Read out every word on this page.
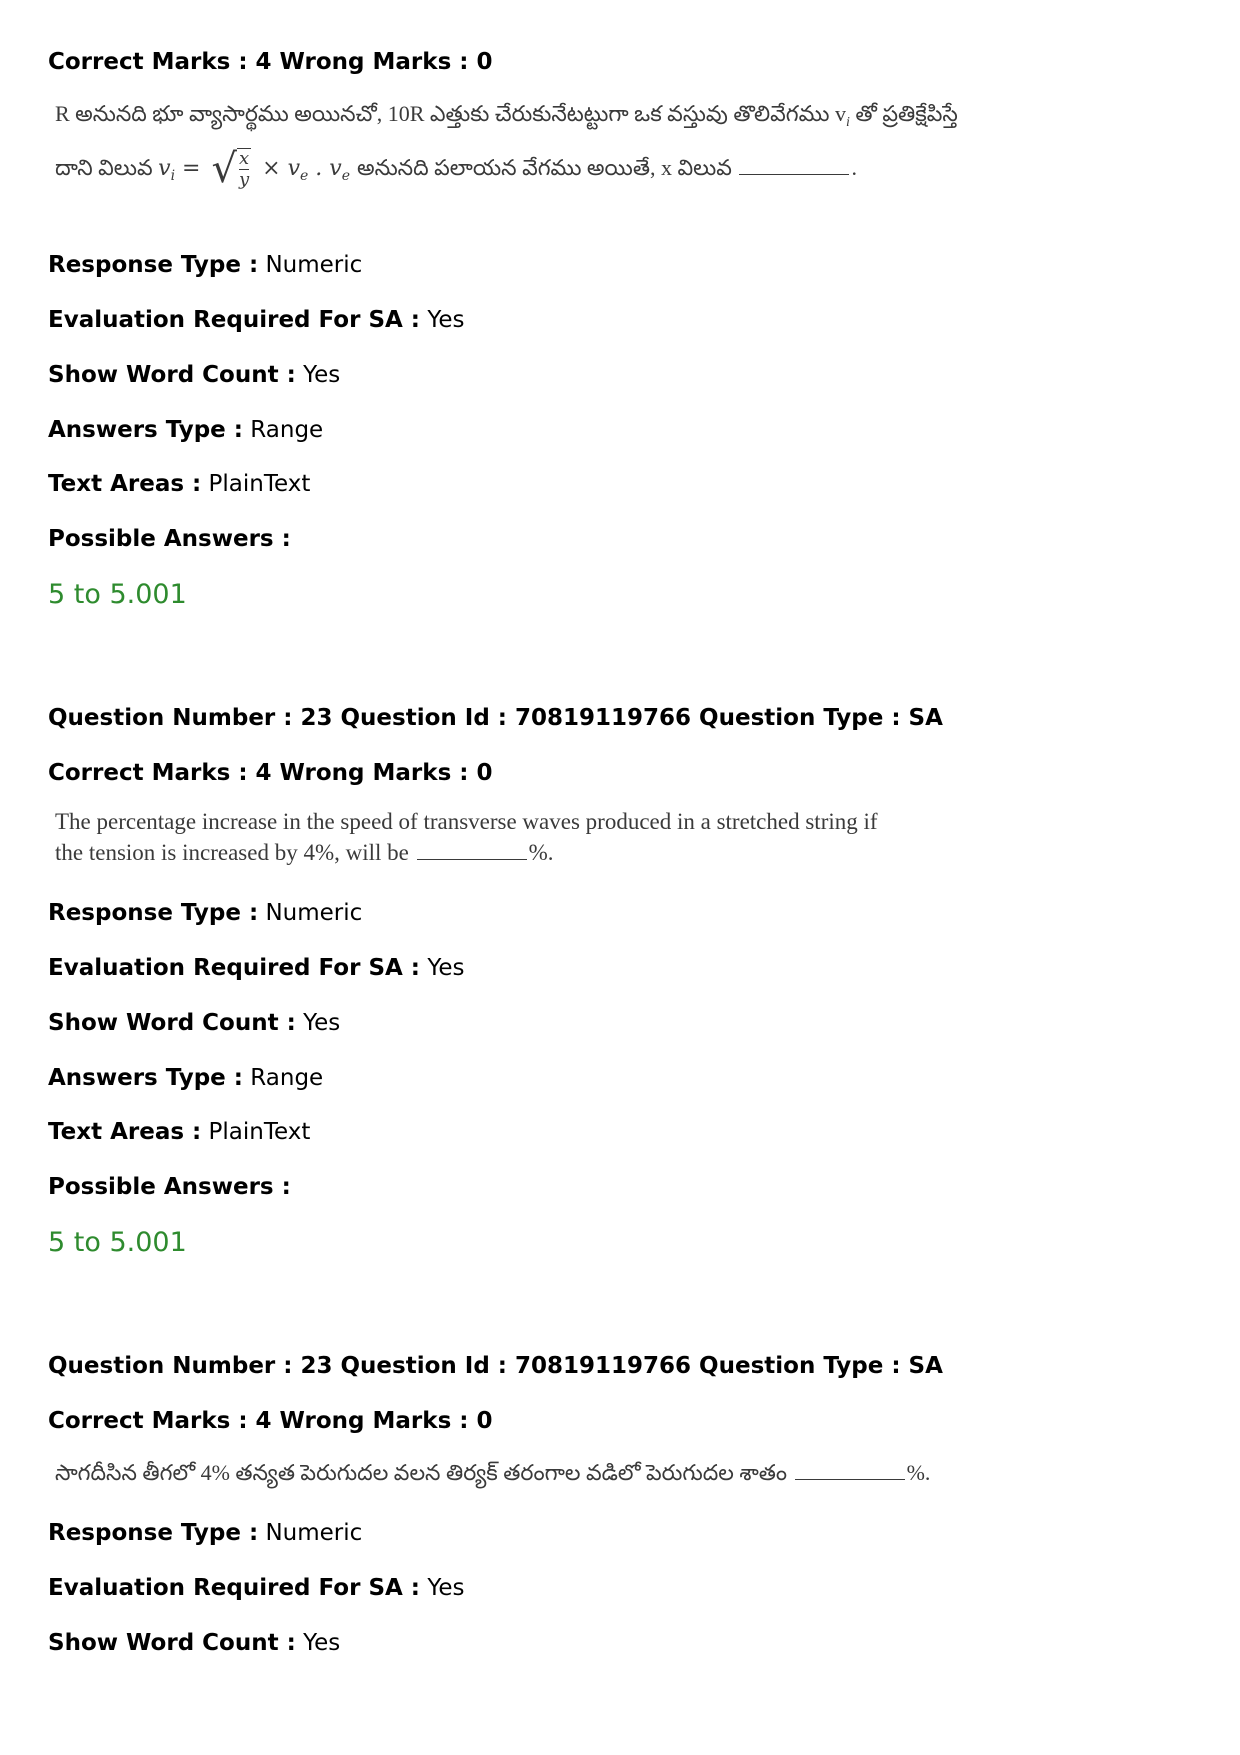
Correct Marks : 4 Wrong Marks : 0
R అనునది భూ వ్యాసార్థము అయినచో, 10R ఎత్తుకు చేరుకునేటట్టుగా ఒక వస్తువు తొలివేగము $v_i$ తో ప్రతిక్షేపిస్తే
దాని విలువ $v_i$ = √ $\frac{x}{y} \times v_e$ . $v_e$ అనునది పలాయన వేగము అయితే, x విలువ	.
Response Type : Numeric
Evaluation Required For SA : Yes
Show Word Count : Yes
Answers Type : Range
Text Areas : PlainText
Possible Answers :
5 to 5.001
Question Number : 23 Question Id : 70819119766 Question Type : SA
Correct Marks : 4 Wrong Marks : 0
The percentage increase in the speed of transverse waves produced in a stretched string if
the tension is increased by 4%, will be	%.
Response Type : Numeric
Evaluation Required For SA : Yes
Show Word Count : Yes
Answers Type : Range
Text Areas : PlainText
Possible Answers :
5 to 5.001
Question Number : 23 Question Id : 70819119766 Question Type : SA
Correct Marks : 4 Wrong Marks : 0
సాగదీసిన తీగలో 4% తన్యత పెరుగుదల వలన తిర్యక్ తరంగాల వడిలో పెరుగుదల శాతం	%.
Response Type : Numeric
Evaluation Required For SA : Yes
Show Word Count : Yes
